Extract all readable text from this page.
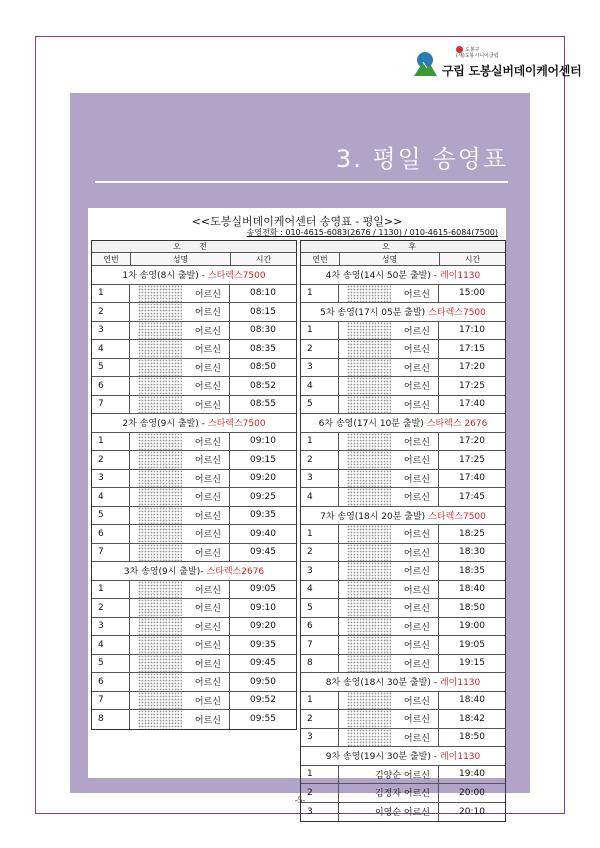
도봉구
(재)도봉시니어클럽
구립 도봉실버데이케어센터
3. 평일 송영표
<<도봉실버데이케어센터 송영표 - 평일>>
송영전화 : 010-4615-6083(2676 / 1130) / 010-4615-6084(7500)
오 전
연번	성명	시간
1차 송영(8시 출발) - 스타렉스7500
1	어르신	08:10
2	어르신	08:15
3	어르신	08:30
4	어르신	08:35
5	어르신	08:50
6	어르신	08:52
7	어르신	08:55
2차 송영(9시 출발) - 스타렉스7500
1	어르신	09:10
2	어르신	09:15
3	어르신	09:20
4	어르신	09:25
5	어르신	09:35
6	어르신	09:40
7	어르신	09:45
3차 송영(9시 출발)- 스타렉스2676
1	어르신	09:05
2	어르신	09:10
3	어르신	09:20
4	어르신	09:35
5	어르신	09:45
6	어르신	09:50
7	어르신	09:52
8	어르신	09:55
오 후
연번	성명	시간
4차 송영(14시 50분 출발) - 레이1130
1	어르신	15:00
5차 송영(17시 05분 출발) 스타렉스7500
1	어르신	17:10
2	어르신	17:15
3	어르신	17:20
4	어르신	17:25
5	어르신	17:40
6차 송영(17시 10분 출발) 스타렉스 2676
1	어르신	17:20
2	어르신	17:25
3	어르신	17:40
4	어르신	17:45
7차 송영(18시 20분 출발) 스타렉스7500
1	어르신	18:25
2	어르신	18:30
3	어르신	18:35
4	어르신	18:40
5	어르신	18:50
6	어르신	19:00
7	어르신	19:05
8	어르신	19:15
8차 송영(18시 30분 출발) - 레이1130
1	어르신	18:40
2	어르신	18:42
3	어르신	18:50
9차 송영(19시 30분 출발) - 레이1130
1	김양순 어르신	19:40
2	김정자 어르신	20:00
3	이영순 어르신	20:10
-5-
